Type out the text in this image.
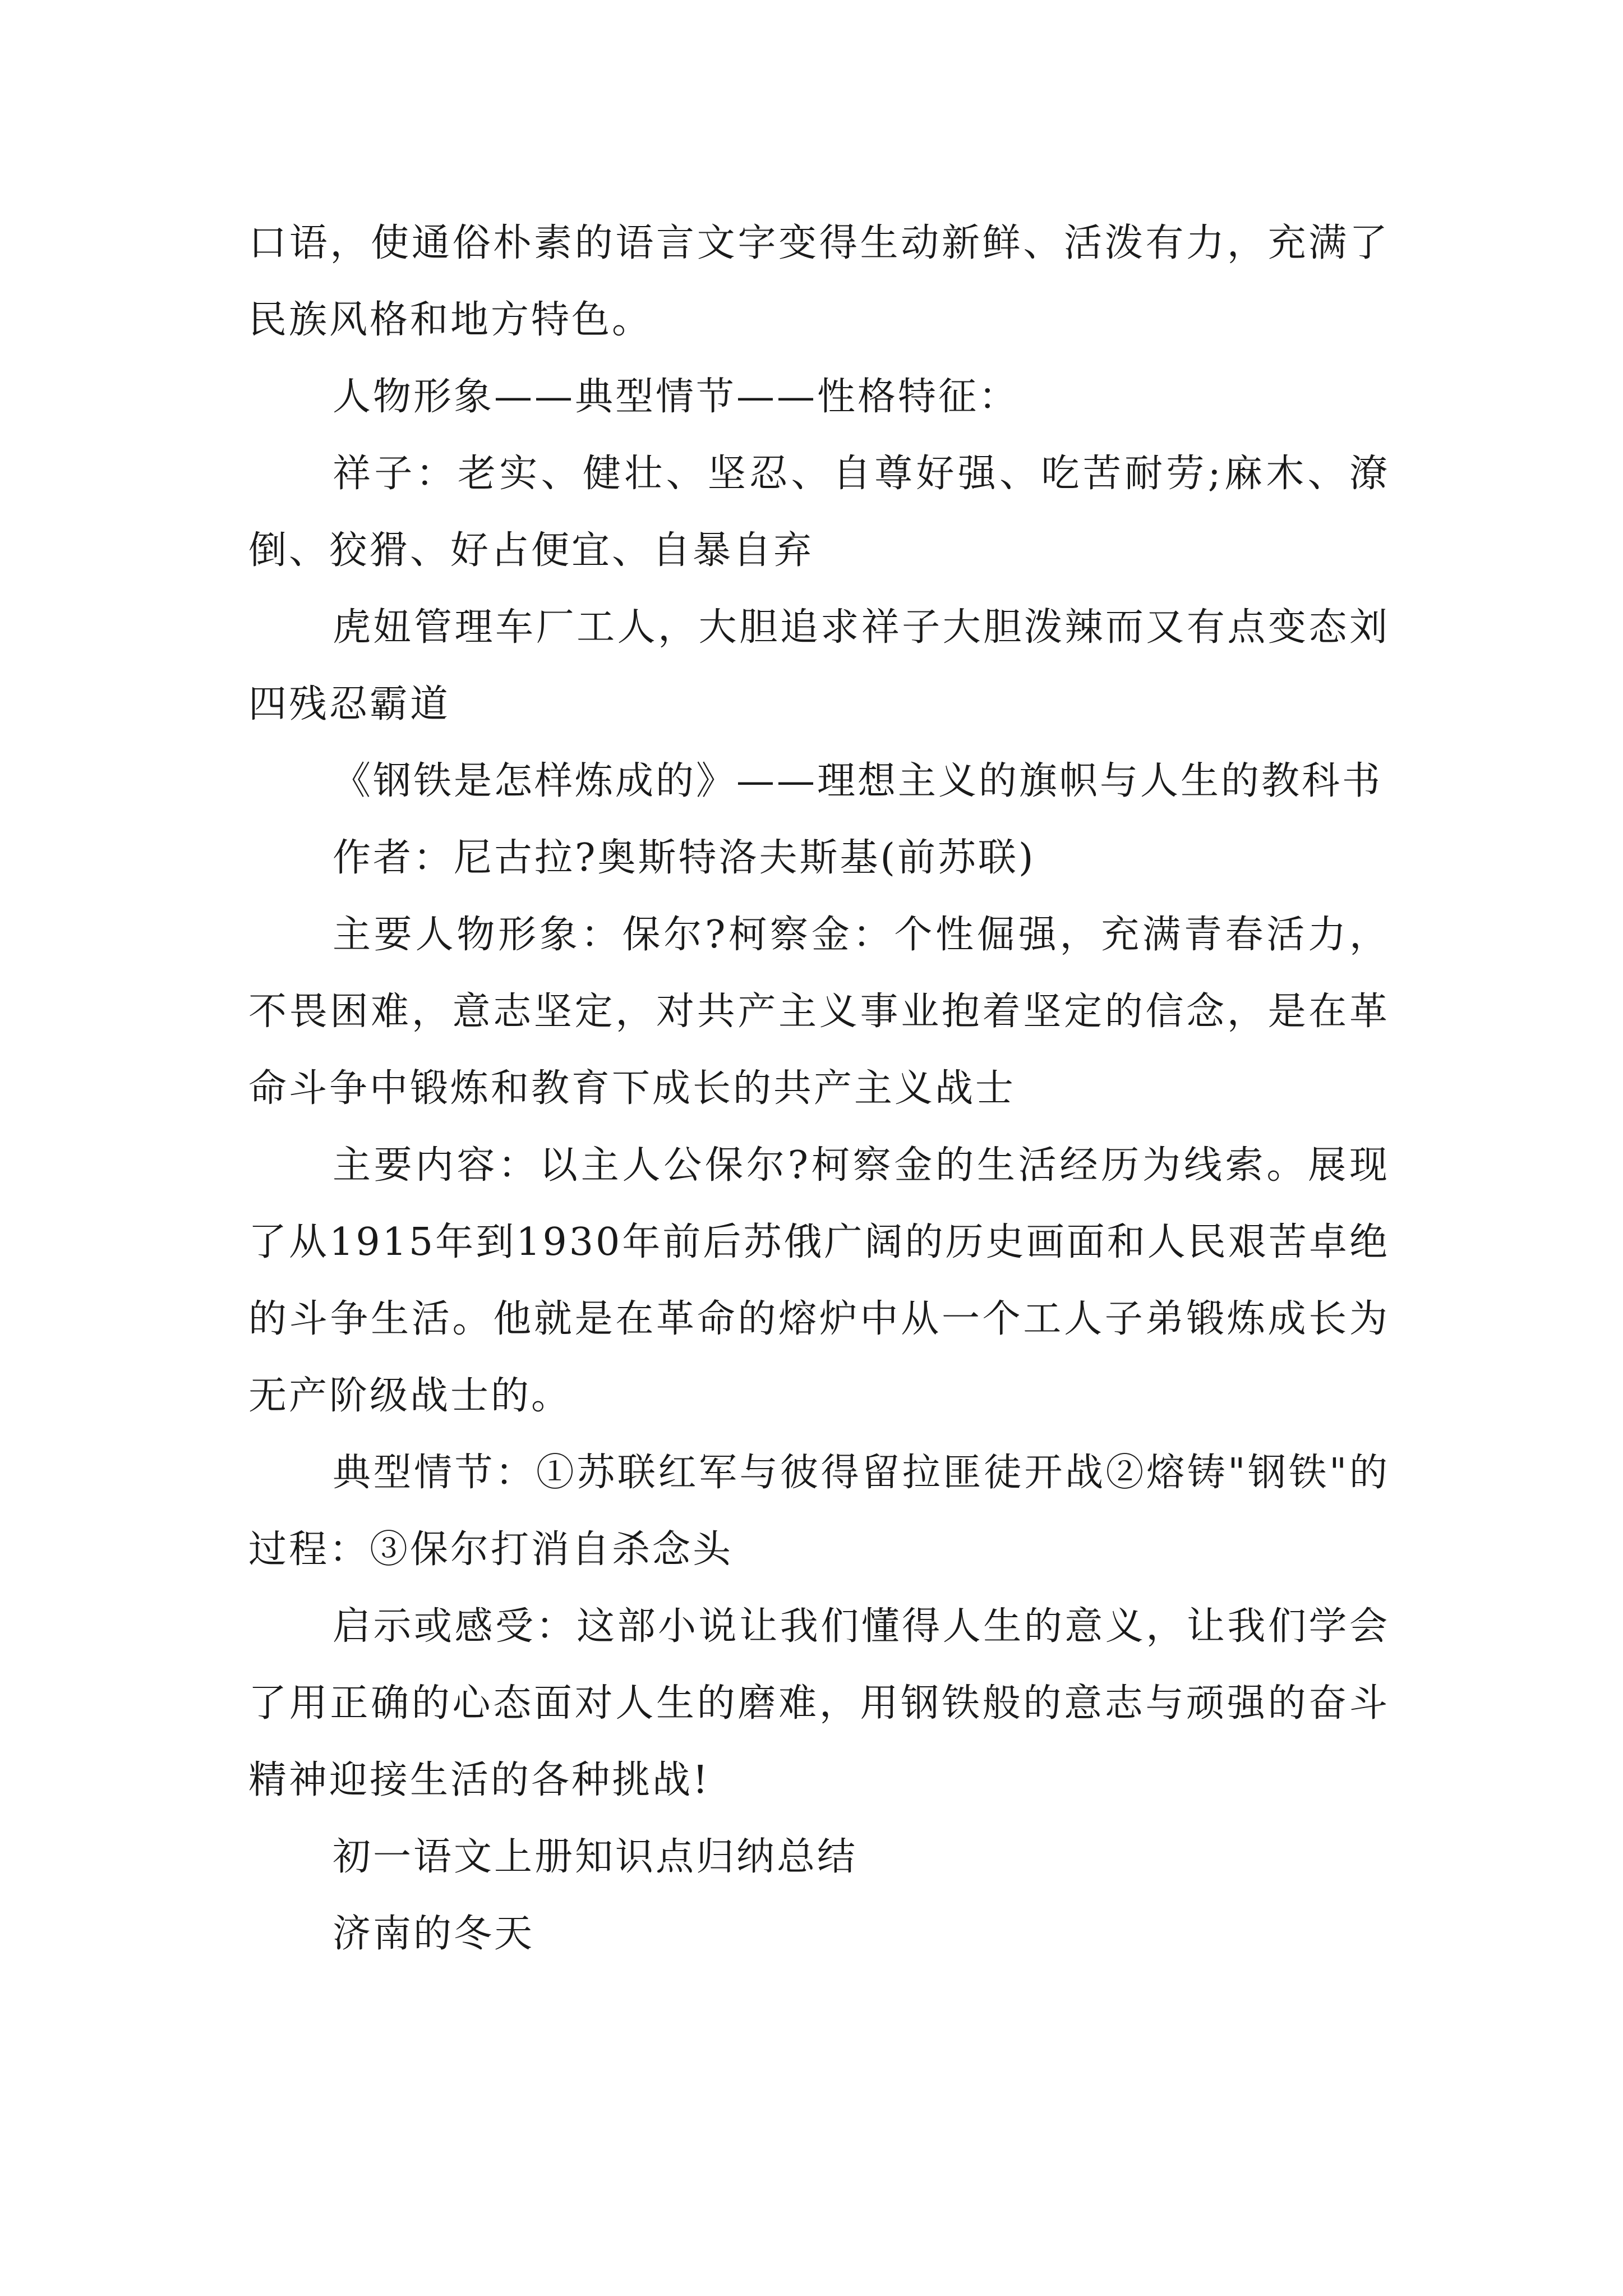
口语，使通俗朴素的语言文字变得生动新鲜、活泼有力，充满了民族风格和地方特色。

人物形象——典型情节——性格特征：

祥子：老实、健壮、坚忍、自尊好强、吃苦耐劳;麻木、潦倒、狡猾、好占便宜、自暴自弃

虎妞管理车厂工人，大胆追求祥子大胆泼辣而又有点变态刘四残忍霸道

《钢铁是怎样炼成的》——理想主义的旗帜与人生的教科书

作者：尼古拉?奥斯特洛夫斯基(前苏联)

主要人物形象：保尔?柯察金：个性倔强，充满青春活力，不畏困难，意志坚定，对共产主义事业抱着坚定的信念，是在革命斗争中锻炼和教育下成长的共产主义战士

主要内容：以主人公保尔?柯察金的生活经历为线索。展现了从1915年到1930年前后苏俄广阔的历史画面和人民艰苦卓绝的斗争生活。他就是在革命的熔炉中从一个工人子弟锻炼成长为无产阶级战士的。

典型情节：①苏联红军与彼得留拉匪徒开战②熔铸"钢铁"的过程：③保尔打消自杀念头

启示或感受：这部小说让我们懂得人生的意义，让我们学会了用正确的心态面对人生的磨难，用钢铁般的意志与顽强的奋斗精神迎接生活的各种挑战!

初一语文上册知识点归纳总结

济南的冬天
